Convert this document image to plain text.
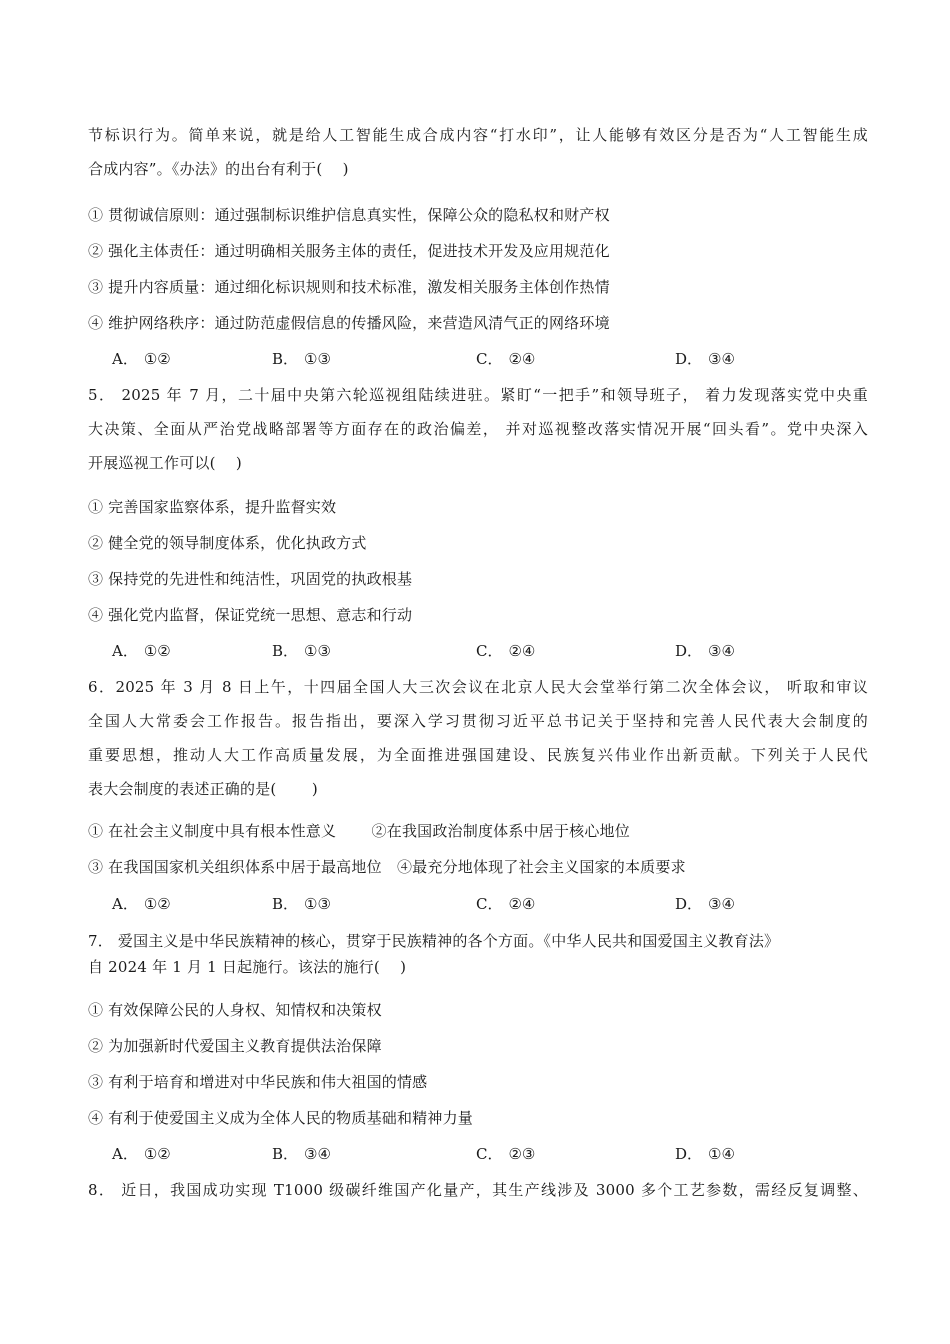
节标识行为。简单来说，就是给人工智能生成合成内容“打水印”，让人能够有效区分是否为“人工智能生成
合成内容”。《办法》的出台有利于(　 )
① 贯彻诚信原则：通过强制标识维护信息真实性，保障公众的隐私权和财产权
② 强化主体责任：通过明确相关服务主体的责任，促进技术开发及应用规范化
③ 提升内容质量：通过细化标识规则和技术标准，激发相关服务主体创作热情
④ 维护网络秩序：通过防范虚假信息的传播风险，来营造风清气正的网络环境
A． ①②	B． ①③	C． ②④	D． ③④
5． 2025 年 7 月，二十届中央第六轮巡视组陆续进驻。紧盯“一把手”和领导班子， 着力发现落实党中央重
大决策、全面从严治党战略部署等方面存在的政治偏差， 并对巡视整改落实情况开展“回头看”。党中央深入
开展巡视工作可以(　 )
① 完善国家监察体系，提升监督实效
② 健全党的领导制度体系，优化执政方式
③ 保持党的先进性和纯洁性，巩固党的执政根基
④ 强化党内监督，保证党统一思想、意志和行动
A． ①②	B． ①③	C． ②④	D． ③④
6．2025 年 3 月 8 日上午，十四届全国人大三次会议在北京人民大会堂举行第二次全体会议， 听取和审议
全国人大常委会工作报告。报告指出，要深入学习贯彻习近平总书记关于坚持和完善人民代表大会制度的
重要思想，推动人大工作高质量发展，为全面推进强国建设、民族复兴伟业作出新贡献。下列关于人民代
表大会制度的表述正确的是(　　 )
① 在社会主义制度中具有根本性意义　　 ②在我国政治制度体系中居于核心地位
③ 在我国国家机关组织体系中居于最高地位　④最充分地体现了社会主义国家的本质要求
A． ①②	B． ①③	C． ②④	D． ③④
7． 爱国主义是中华民族精神的核心，贯穿于民族精神的各个方面。《中华人民共和国爱国主义教育法》
自 2024 年 1 月 1 日起施行。该法的施行(　 )
① 有效保障公民的人身权、知情权和决策权
② 为加强新时代爱国主义教育提供法治保障
③ 有利于培育和增进对中华民族和伟大祖国的情感
④ 有利于使爱国主义成为全体人民的物质基础和精神力量
A． ①②	B． ③④	C． ②③	D． ①④
8． 近日，我国成功实现 T1000 级碳纤维国产化量产，其生产线涉及 3000 多个工艺参数，需经反复调整、
